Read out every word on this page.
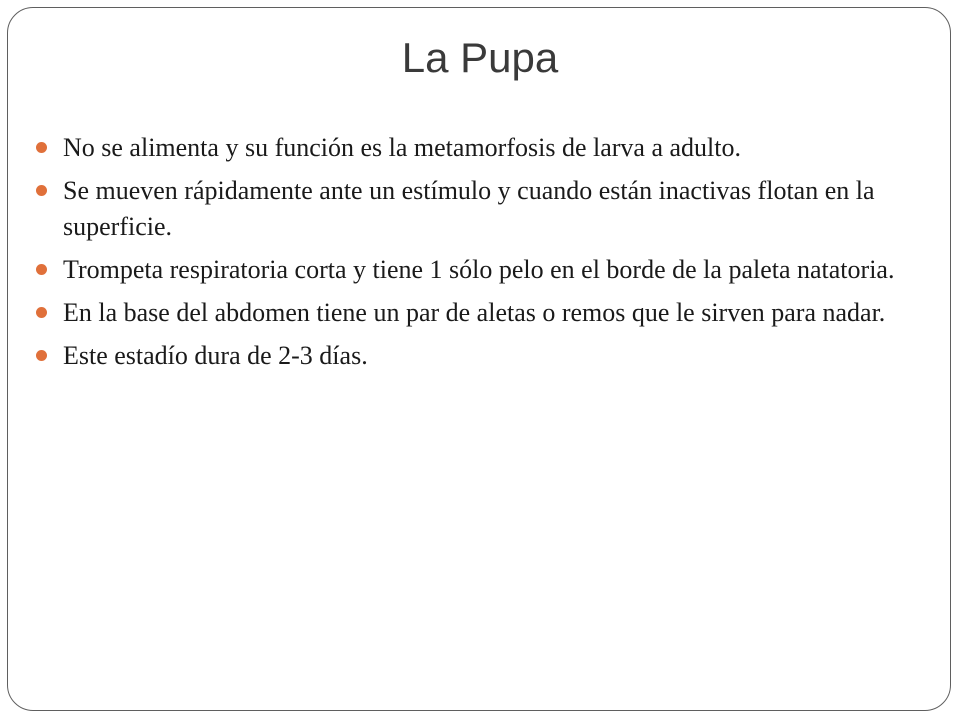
La Pupa
No se alimenta y su función es la metamorfosis de larva a adulto.
Se mueven rápidamente ante un estímulo y cuando están inactivas flotan en la superficie.
Trompeta respiratoria corta y tiene 1 sólo pelo en el borde de la paleta natatoria.
En la base del abdomen tiene un par de aletas o remos que le sirven para nadar.
Este estadío dura de 2-3 días.
